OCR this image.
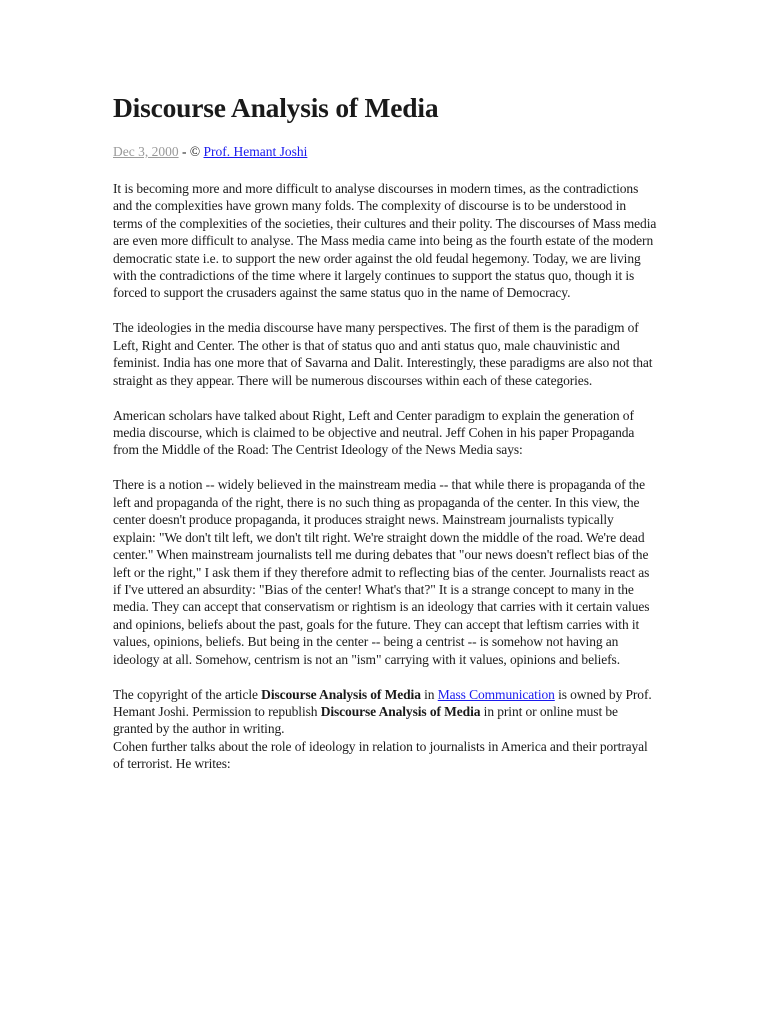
Discourse Analysis of Media
Dec 3, 2000 - © Prof. Hemant Joshi

It is becoming more and more difficult to analyse discourses in modern times, as the contradictions and the complexities have grown many folds. The complexity of discourse is to be understood in terms of the complexities of the societies, their cultures and their polity. The discourses of Mass media are even more difficult to analyse. The Mass media came into being as the fourth estate of the modern democratic state i.e. to support the new order against the old feudal hegemony. Today, we are living with the contradictions of the time where it largely continues to support the status quo, though it is forced to support the crusaders against the same status quo in the name of Democracy.

The ideologies in the media discourse have many perspectives. The first of them is the paradigm of Left, Right and Center. The other is that of status quo and anti status quo, male chauvinistic and feminist. India has one more that of Savarna and Dalit. Interestingly, these paradigms are also not that straight as they appear. There will be numerous discourses within each of these categories.

American scholars have talked about Right, Left and Center paradigm to explain the generation of media discourse, which is claimed to be objective and neutral. Jeff Cohen in his paper Propaganda from the Middle of the Road: The Centrist Ideology of the News Media says:

There is a notion -- widely believed in the mainstream media -- that while there is propaganda of the left and propaganda of the right, there is no such thing as propaganda of the center. In this view, the center doesn't produce propaganda, it produces straight news. Mainstream journalists typically explain: "We don't tilt left, we don't tilt right. We're straight down the middle of the road. We're dead center." When mainstream journalists tell me during debates that "our news doesn't reflect bias of the left or the right," I ask them if they therefore admit to reflecting bias of the center. Journalists react as if I've uttered an absurdity: "Bias of the center! What's that?" It is a strange concept to many in the media. They can accept that conservatism or rightism is an ideology that carries with it certain values and opinions, beliefs about the past, goals for the future. They can accept that leftism carries with it values, opinions, beliefs. But being in the center -- being a centrist -- is somehow not having an ideology at all. Somehow, centrism is not an "ism" carrying with it values, opinions and beliefs.

The copyright of the article Discourse Analysis of Media in Mass Communication is owned by Prof. Hemant Joshi. Permission to republish Discourse Analysis of Media in print or online must be granted by the author in writing.

Cohen further talks about the role of ideology in relation to journalists in America and their portrayal of terrorist. He writes:
